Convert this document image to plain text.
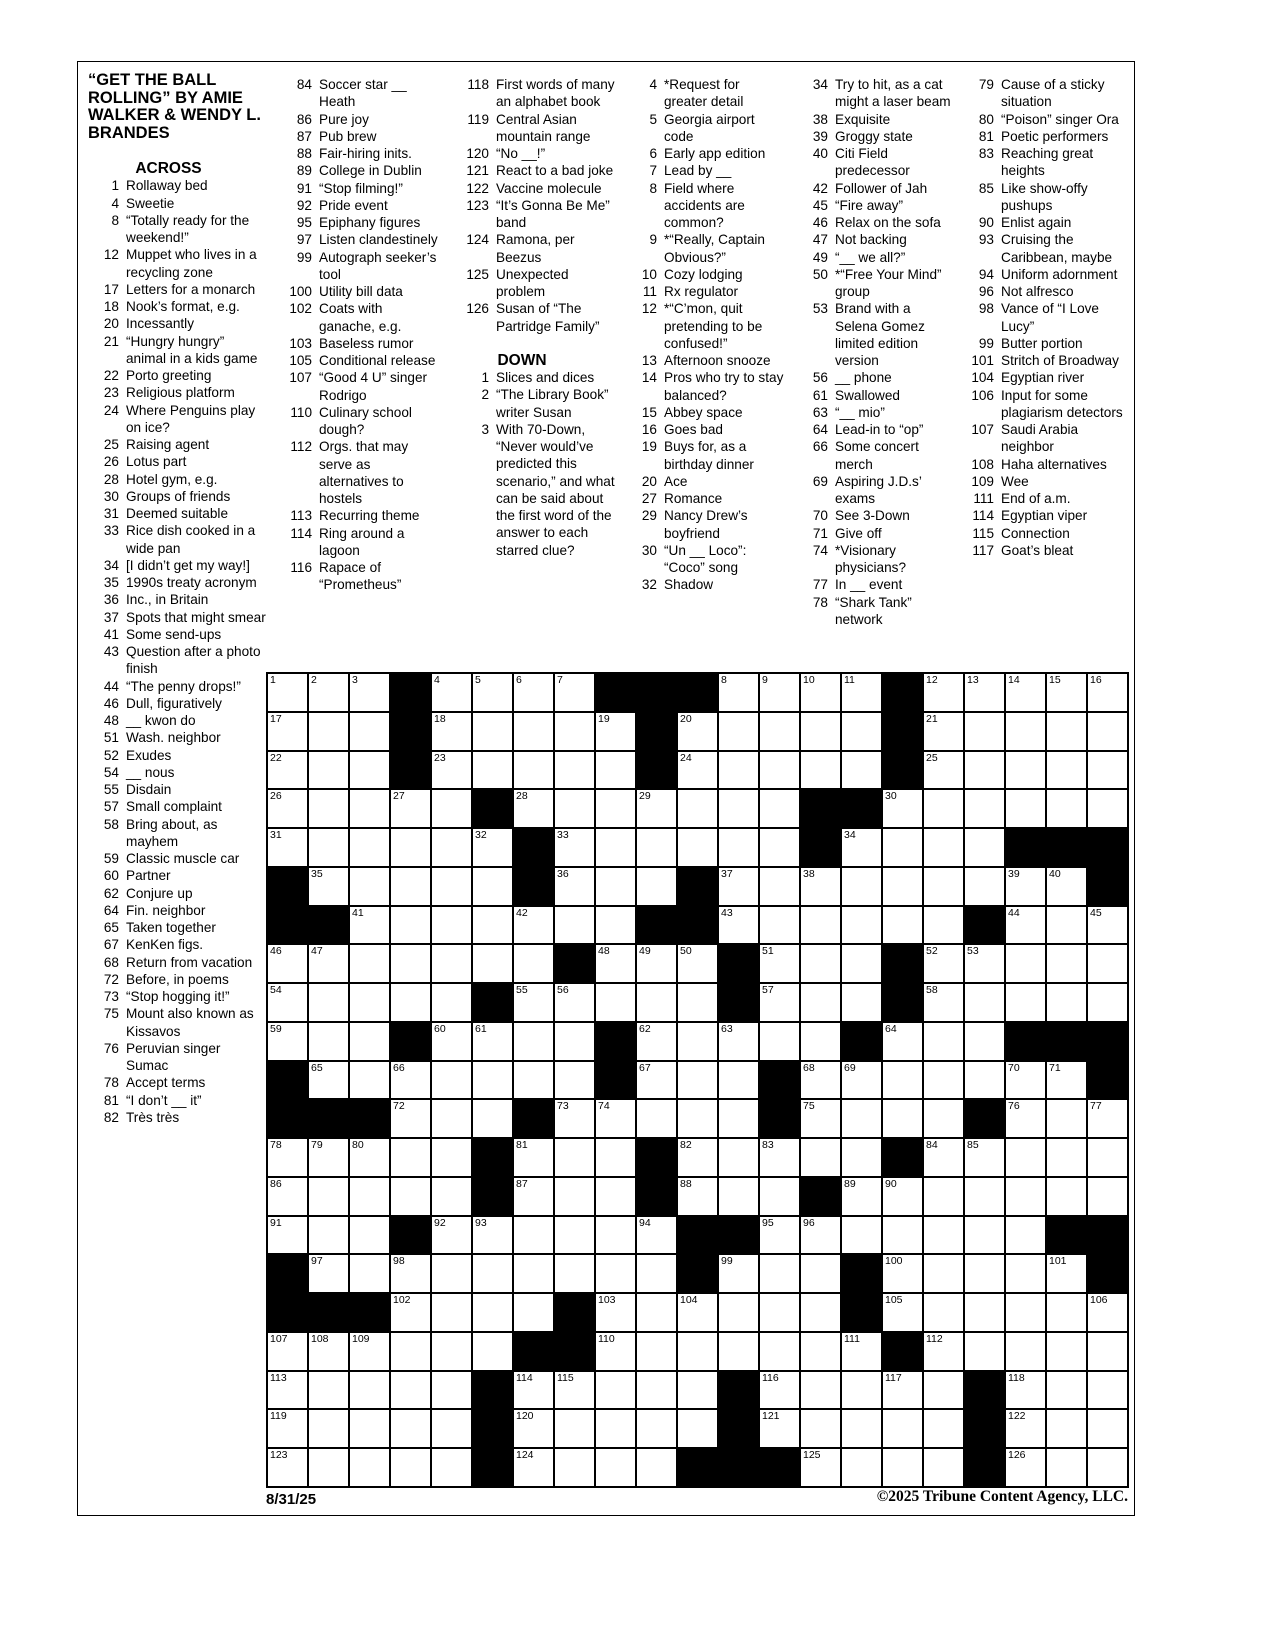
“GET THE BALL ROLLING” BY AMIE WALKER & WENDY L. BRANDES
ACROSS
1 Rollaway bed
4 Sweetie
8 “Totally ready for the weekend!”
12 Muppet who lives in a recycling zone
17 Letters for a monarch
18 Nook’s format, e.g.
20 Incessantly
21 “Hungry hungry” animal in a kids game
22 Porto greeting
23 Religious platform
24 Where Penguins play on ice?
25 Raising agent
26 Lotus part
28 Hotel gym, e.g.
30 Groups of friends
31 Deemed suitable
33 Rice dish cooked in a wide pan
34 [I didn’t get my way!]
35 1990s treaty acronym
36 Inc., in Britain
37 Spots that might smear
41 Some send-ups
43 Question after a photo finish
44 “The penny drops!”
46 Dull, figuratively
48 __ kwon do
51 Wash. neighbor
52 Exudes
54 __ nous
55 Disdain
57 Small complaint
58 Bring about, as mayhem
59 Classic muscle car
60 Partner
62 Conjure up
64 Fin. neighbor
65 Taken together
67 KenKen figs.
68 Return from vacation
72 Before, in poems
73 “Stop hogging it!”
75 Mount also known as Kissavos
76 Peruvian singer Sumac
78 Accept terms
81 “I don’t __ it”
82 Très très
84 Soccer star __ Heath
86 Pure joy
87 Pub brew
88 Fair-hiring inits.
89 College in Dublin
91 “Stop filming!”
92 Pride event
95 Epiphany figures
97 Listen clandestinely
99 Autograph seeker’s tool
100 Utility bill data
102 Coats with ganache, e.g.
103 Baseless rumor
105 Conditional release
107 “Good 4 U” singer Rodrigo
110 Culinary school dough?
112 Orgs. that may serve as alternatives to hostels
113 Recurring theme
114 Ring around a lagoon
116 Rapace of “Prometheus”
118 First words of many an alphabet book
119 Central Asian mountain range
120 “No __!”
121 React to a bad joke
122 Vaccine molecule
123 “It’s Gonna Be Me” band
124 Ramona, per Beezus
125 Unexpected problem
126 Susan of “The Partridge Family”
DOWN
1 Slices and dices
2 “The Library Book” writer Susan
3 With 70-Down, “Never would’ve predicted this scenario,” and what can be said about the first word of the answer to each starred clue?
4 *Request for greater detail
5 Georgia airport code
6 Early app edition
7 Lead by __
8 Field where accidents are common?
9 *“Really, Captain Obvious?”
10 Cozy lodging
11 Rx regulator
12 *“C’mon, quit pretending to be confused!”
13 Afternoon snooze
14 Pros who try to stay balanced?
15 Abbey space
16 Goes bad
19 Buys for, as a birthday dinner
20 Ace
27 Romance
29 Nancy Drew’s boyfriend
30 “Un __ Loco”: “Coco” song
32 Shadow
34 Try to hit, as a cat might a laser beam
38 Exquisite
39 Groggy state
40 Citi Field predecessor
42 Follower of Jah
45 “Fire away”
46 Relax on the sofa
47 Not backing
49 “__ we all?”
50 *“Free Your Mind” group
53 Brand with a Selena Gomez limited edition version
56 __ phone
61 Swallowed
63 “__ mio”
64 Lead-in to “op”
66 Some concert merch
69 Aspiring J.D.s’ exams
70 See 3-Down
71 Give off
74 *Visionary physicians?
77 In __ event
78 “Shark Tank” network
79 Cause of a sticky situation
80 “Poison” singer Ora
81 Poetic performers
83 Reaching great heights
85 Like show-offy pushups
90 Enlist again
93 Cruising the Caribbean, maybe
94 Uniform adornment
96 Not alfresco
98 Vance of “I Love Lucy”
99 Butter portion
101 Stritch of Broadway
104 Egyptian river
106 Input for some plagiarism detectors
107 Saudi Arabia neighbor
108 Haha alternatives
109 Wee
111 End of a.m.
114 Egyptian viper
115 Connection
117 Goat’s bleat
1	2	3	4	5	6	7	8	9	10	11	12	13	14	15	16
17	18	19	20	21
22	23	24	25
26	27	28	29	30
31	32	33	34
35	36	37	38	39	40
41	42	43	44	45
46	47	48	49	50	51	52	53
54	55	56	57	58
59	60	61	62	63	64
65	66	67	68	69	70	71
72	73	74	75	76	77
78	79	80	81	82	83	84	85
86	87	88	89	90
91	92	93	94	95	96
97	98	99	100	101
102	103	104	105	106
107 108 109	110	111	112
113	114 115	116	117	118
119	120	121	122
123	124	125	126
8/31/25	©2025 Tribune Content Agency, LLC.
